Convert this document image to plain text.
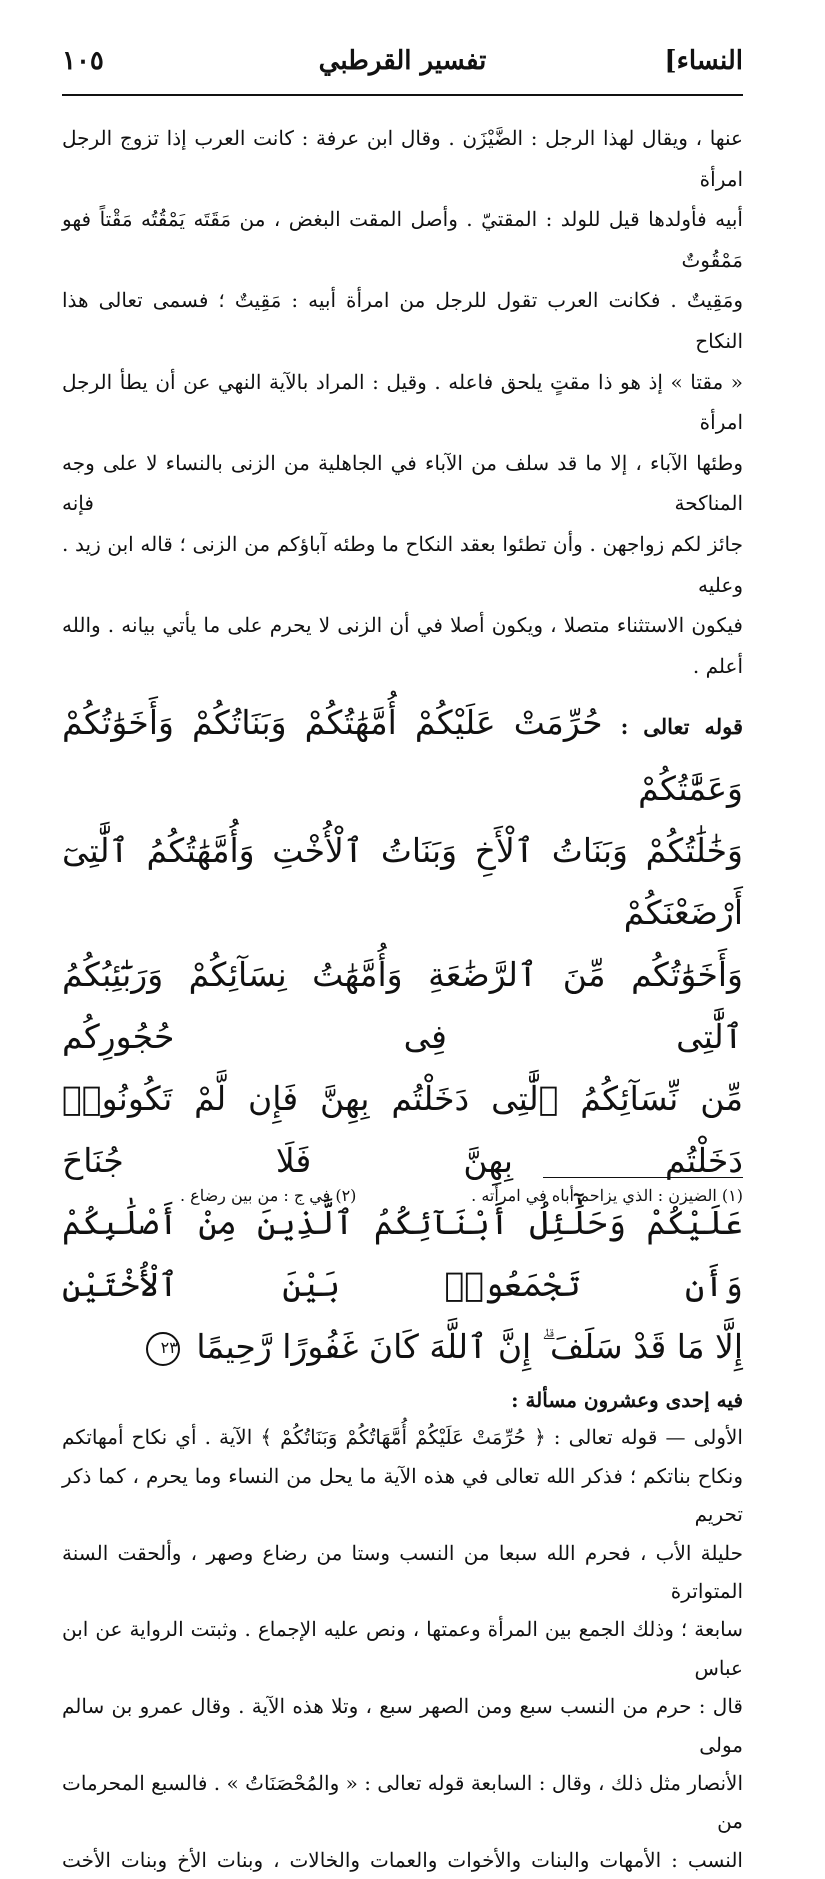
النساء]
تفسير القرطبي
١٠٥

عنها ، ويقال لهذا الرجل : الضَّيْزَن . وقال ابن عرفة : كانت العرب إذا تزوج الرجل امرأة

أبيه فأولدها قيل للولد : المقتيّ . وأصل المقت البغض ، من مَقَتَه يَمْقُتُه مَقْتاً فهو مَمْقُوتٌ

ومَقِيتٌ . فكانت العرب تقول للرجل من امرأة أبيه : مَقِيتٌ ؛ فسمى تعالى هذا النكاح

« مقتا » إذ هو ذا مقتٍ يلحق فاعله . وقيل : المراد بالآية النهي عن أن يطأ الرجل امرأة

وطئها الآباء ، إلا ما قد سلف من الآباء في الجاهلية من الزنى بالنساء لا على وجه المناكحة فإنه

جائز لكم زواجهن . وأن تطئوا بعقد النكاح ما وطئه آباؤكم من الزنى ؛ قاله ابن زيد . وعليه

فيكون الاستثناء متصلا ، ويكون أصلا في أن الزنى لا يحرم على ما يأتي بيانه . والله أعلم .

قوله تعالى : حُرِّمَتْ عَلَيْكُمْ أُمَّهَٰتُكُمْ وَبَنَاتُكُمْ وَأَخَوَٰتُكُمْ وَعَمَّٰتُكُمْ

وَخَٰلَٰتُكُمْ وَبَنَاتُ ٱلْأَخِ وَبَنَاتُ ٱلْأُخْتِ وَأُمَّهَٰتُكُمُ ٱلَّٰتِىٓ أَرْضَعْنَكُمْ

وَأَخَوَٰتُكُم مِّنَ ٱلرَّضَٰعَةِ وَأُمَّهَٰتُ نِسَآئِكُمْ وَرَبَٰٓئِبُكُمُ ٱلَّٰتِى فِى حُجُورِكُم

مِّن نِّسَآئِكُمُ ٱلَّٰتِى دَخَلْتُم بِهِنَّ فَإِن لَّمْ تَكُونُوا۟ دَخَلْتُم بِهِنَّ فَلَا جُنَاحَ

عَلَيْكُمْ وَحَلَٰٓئِلُ أَبْنَآئِكُمُ ٱلَّذِينَ مِنْ أَصْلَٰبِكُمْ وَأَن تَجْمَعُوا۟ بَيْنَ ٱلْأُخْتَيْنِ

إِلَّا مَا قَدْ سَلَفَ ۗ إِنَّ ٱللَّهَ كَانَ غَفُورًا رَّحِيمًا ٢٣

فيه إحدى وعشرون مسألة :

الأولى — قوله تعالى : ﴿ حُرِّمَتْ عَلَيْكُمْ أُمَّهَاتُكُمْ وَبَنَاتُكُمْ ﴾ الآية . أي نكاح أمهاتكم

ونكاح بناتكم ؛ فذكر الله تعالى في هذه الآية ما يحل من النساء وما يحرم ، كما ذكر تحريم

حليلة الأب ، فحرم الله سبعا من النسب وستا من رضاع وصهر ، وألحقت السنة المتواترة

سابعة ؛ وذلك الجمع بين المرأة وعمتها ، ونص عليه الإجماع . وثبتت الرواية عن ابن عباس

قال : حرم من النسب سبع ومن الصهر سبع ، وتلا هذه الآية . وقال عمرو بن سالم مولى

الأنصار مثل ذلك ، وقال : السابعة قوله تعالى : « والمُحْصَنَاتُ » . فالسبع المحرمات من

النسب : الأمهات والبنات والأخوات والعمات والخالات ، وبنات الأخ وبنات الأخت

(١) الضيزن : الذي يزاحم أباه في امرأته .
(٢) في ج : من بين رضاع .
